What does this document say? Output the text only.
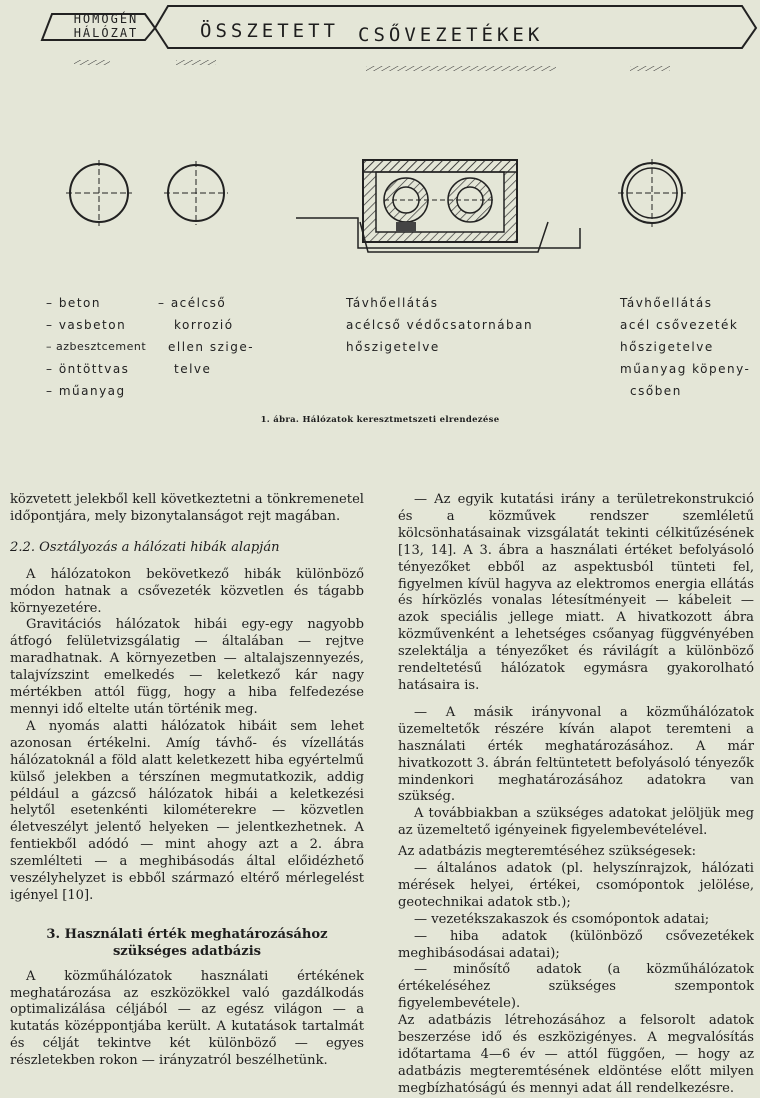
HOMOGÉN
HÁLÓZAT	ÖSSZETETT CSŐVEZETÉKEK
– beton
– vasbeton
– azbesztcement
– öntöttvas
– műanyag
– acélcső
korrozió
ellen szige-
telve
Távhőellátás
acélcső védőcsatornában
hőszigetelve
Távhőellátás
acél csővezeték
hőszigetelve
műanyag köpeny-
csőben
1. ábra. Hálózatok keresztmetszeti elrendezése

közvetett jelekből kell következtetni a tönkremenetel időpontjára, mely bizonytalanságot rejt magában.

2.2. Osztályozás a hálózati hibák alapján

A hálózatokon bekövetkező hibák különböző módon hatnak a csővezeték közvetlen és tágabb környezetére.

Gravitációs hálózatok hibái egy-egy nagyobb átfogó felületvizsgálatig — általában — rejtve maradhatnak. A környezetben — altalajszennyezés, talajvízszint emelkedés — keletkező kár nagy mértékben attól függ, hogy a hiba felfedezése mennyi idő eltelte után történik meg.

A nyomás alatti hálózatok hibáit sem lehet azonosan értékelni. Amíg távhő- és vízellátás hálózatoknál a föld alatt keletkezett hiba egyértelmű külső jelekben a térszínen megmutatkozik, addig például a gázcső hálózatok hibái a keletkezési helytől esetenkénti kilométerekre — közvetlen életveszélyt jelentő helyeken — jelentkezhetnek. A fentiekből adódó — mint ahogy azt a 2. ábra szemlélteti — a meghibásodás által előidézhető veszélyhelyzet is ebből származó eltérő mérlegelést igényel [10].

3. Használati érték meghatározásához szükséges adatbázis

A közműhálózatok használati értékének meghatározása az eszközökkel való gazdálkodás optimalizálása céljából — az egész világon — a kutatás középpontjába került. A kutatások tartalmát és célját tekintve két különböző — egyes részletekben rokon — irányzatról beszélhetünk.

— Az egyik kutatási irány a területrekonstrukció és a közművek rendszer szemléletű kölcsönhatásainak vizsgálatát tekinti célkitűzésének [13, 14]. A 3. ábra a használati értéket befolyásoló tényezőket ebből az aspektusból tünteti fel, figyelmen kívül hagyva az elektromos energia ellátás és hírközlés vonalas létesítményeit — kábeleit — azok speciális jellege miatt. A hivatkozott ábra közművenként a lehetséges csőanyag függvényében szelektálja a tényezőket és rávilágít a különböző rendeltetésű hálózatok egymásra gyakorolható hatásaira is.

— A másik irányvonal a közműhálózatok üzemeltetők részére kíván alapot teremteni a használati érték meghatározásához. A már hivatkozott 3. ábrán feltüntetett befolyásoló tényezők mindenkori meghatározásához adatokra van szükség.

A továbbiakban a szükséges adatokat jelöljük meg az üzemeltető igényeinek figyelembevételével.

Az adatbázis megteremtéséhez szükségesek:

— általános adatok (pl. helyszínrajzok, hálózati mérések helyei, értékei, csomópontok jelölése, geotechnikai adatok stb.);

— vezetékszakaszok és csomópontok adatai;

— hiba adatok (különböző csővezetékek meghibásodásai adatai);

— minősítő adatok (a közműhálózatok értékeléséhez szükséges szempontok figyelembevétele).

Az adatbázis létrehozásához a felsorolt adatok beszerzése idő és eszközigényes. A megvalósítás időtartama 4—6 év — attól függően, — hogy az adatbázis megteremtésének eldöntése előtt milyen megbízhatóságú és mennyi adat áll rendelkezésre.
